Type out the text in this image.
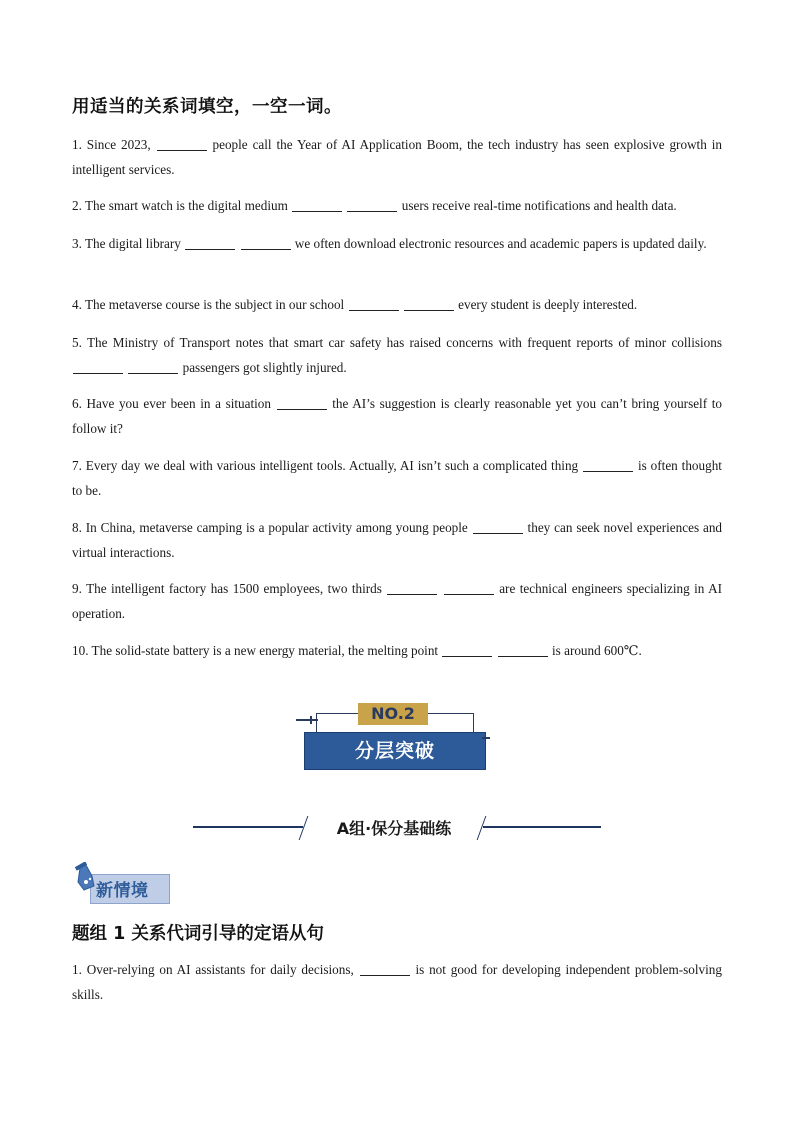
用适当的关系词填空，一空一词。
1. Since 2023,	people call the Year of AI Application Boom, the tech industry has seen explosive growth in intelligent services.
2. The smart watch is the digital medium	users receive real-time notifications and health data.
3. The digital library	we often download electronic resources and academic papers is updated daily.
4. The metaverse course is the subject in our school	every student is deeply interested.
5. The Ministry of Transport notes that smart car safety has raised concerns with frequent reports of minor collisions   passengers got slightly injured.
6. Have you ever been in a situation	the AI’s suggestion is clearly reasonable yet you can’t bring yourself to follow it?
7. Every day we deal with various intelligent tools. Actually, AI isn’t such a complicated thing	is often thought to be.
8. In China, metaverse camping is a popular activity among young people	they can seek novel experiences and virtual interactions.
9. The intelligent factory has 1500 employees, two thirds	are technical engineers specializing in AI operation.
10. The solid-state battery is a new energy material, the melting point	is around 600℃.
NO.2
分层突破
A组·保分基础练
新情境
题组 1 关系代词引导的定语从句
1. Over-relying on AI assistants for daily decisions,	is not good for developing independent problem-solving skills.
